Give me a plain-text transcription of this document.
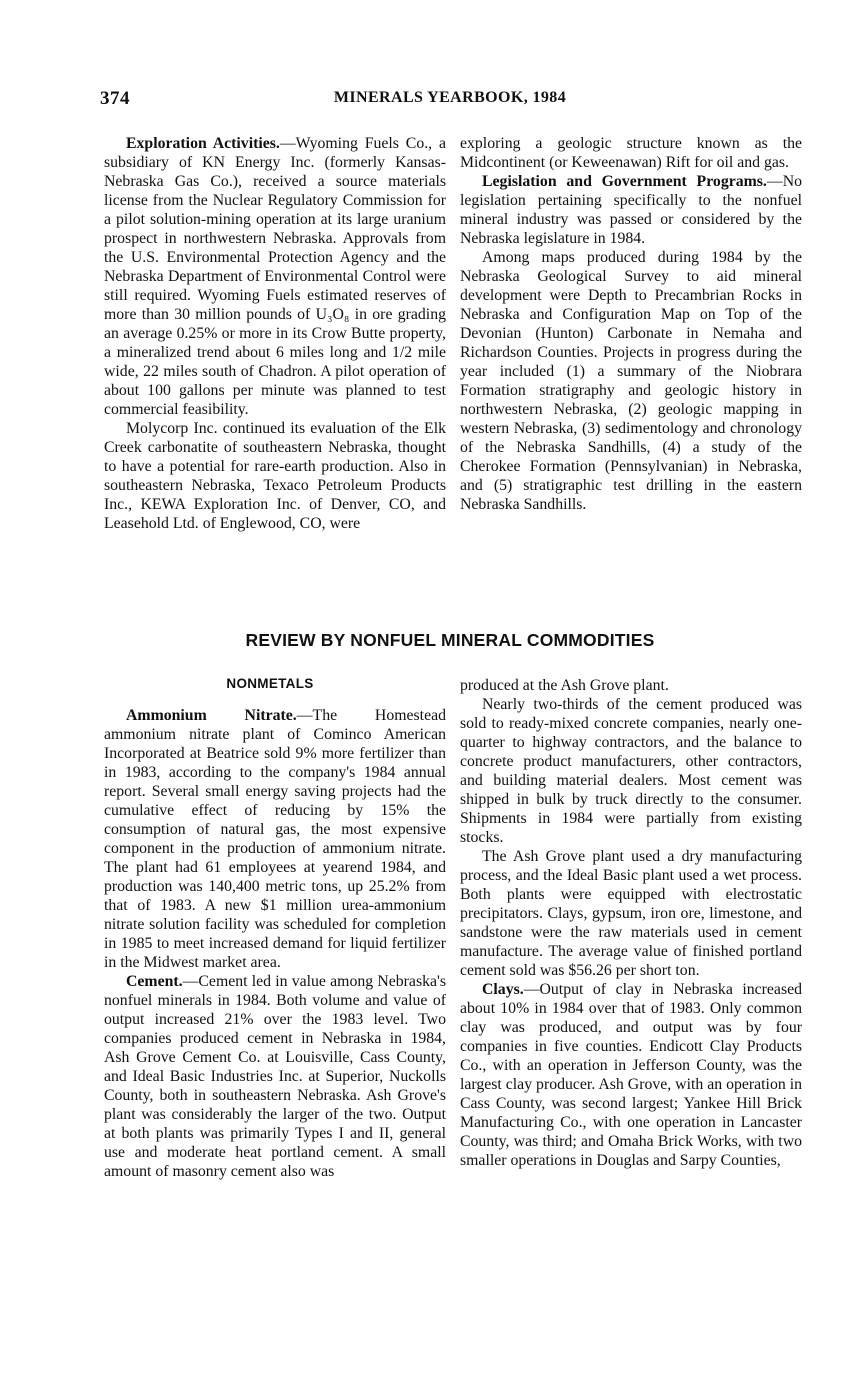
374	MINERALS YEARBOOK, 1984

Exploration Activities.—Wyoming Fuels Co., a subsidiary of KN Energy Inc. (formerly Kansas-Nebraska Gas Co.), received a source materials license from the Nuclear Regulatory Commission for a pilot solution-mining operation at its large uranium prospect in northwestern Nebraska. Approvals from the U.S. Environmental Protection Agency and the Nebraska Department of Environmental Control were still required. Wyoming Fuels estimated reserves of more than 30 million pounds of U₃O₈ in ore grading an average 0.25% or more in its Crow Butte property, a mineralized trend about 6 miles long and 1/2 mile wide, 22 miles south of Chadron. A pilot operation of about 100 gallons per minute was planned to test commercial feasibility.

Molycorp Inc. continued its evaluation of the Elk Creek carbonatite of southeastern Nebraska, thought to have a potential for rare-earth production. Also in southeastern Nebraska, Texaco Petroleum Products Inc., KEWA Exploration Inc. of Denver, CO, and Leasehold Ltd. of Englewood, CO, were

exploring a geologic structure known as the Midcontinent (or Keweenawan) Rift for oil and gas.

Legislation and Government Programs.—No legislation pertaining specifically to the nonfuel mineral industry was passed or considered by the Nebraska legislature in 1984.

Among maps produced during 1984 by the Nebraska Geological Survey to aid mineral development were Depth to Precambrian Rocks in Nebraska and Configuration Map on Top of the Devonian (Hunton) Carbonate in Nemaha and Richardson Counties. Projects in progress during the year included (1) a summary of the Niobrara Formation stratigraphy and geologic history in northwestern Nebraska, (2) geologic mapping in western Nebraska, (3) sedimentology and chronology of the Nebraska Sandhills, (4) a study of the Cherokee Formation (Pennsylvanian) in Nebraska, and (5) stratigraphic test drilling in the eastern Nebraska Sandhills.

REVIEW BY NONFUEL MINERAL COMMODITIES
NONMETALS

Ammonium Nitrate.—The Homestead ammonium nitrate plant of Cominco American Incorporated at Beatrice sold 9% more fertilizer than in 1983, according to the company's 1984 annual report. Several small energy saving projects had the cumulative effect of reducing by 15% the consumption of natural gas, the most expensive component in the production of ammonium nitrate. The plant had 61 employees at yearend 1984, and production was 140,400 metric tons, up 25.2% from that of 1983. A new $1 million urea-ammonium nitrate solution facility was scheduled for completion in 1985 to meet increased demand for liquid fertilizer in the Midwest market area.

Cement.—Cement led in value among Nebraska's nonfuel minerals in 1984. Both volume and value of output increased 21% over the 1983 level. Two companies produced cement in Nebraska in 1984, Ash Grove Cement Co. at Louisville, Cass County, and Ideal Basic Industries Inc. at Superior, Nuckolls County, both in southeastern Nebraska. Ash Grove's plant was considerably the larger of the two. Output at both plants was primarily Types I and II, general use and moderate heat portland cement. A small amount of masonry cement also was

produced at the Ash Grove plant.

Nearly two-thirds of the cement produced was sold to ready-mixed concrete companies, nearly one-quarter to highway contractors, and the balance to concrete product manufacturers, other contractors, and building material dealers. Most cement was shipped in bulk by truck directly to the consumer. Shipments in 1984 were partially from existing stocks.

The Ash Grove plant used a dry manufacturing process, and the Ideal Basic plant used a wet process. Both plants were equipped with electrostatic precipitators. Clays, gypsum, iron ore, limestone, and sandstone were the raw materials used in cement manufacture. The average value of finished portland cement sold was $56.26 per short ton.

Clays.—Output of clay in Nebraska increased about 10% in 1984 over that of 1983. Only common clay was produced, and output was by four companies in five counties. Endicott Clay Products Co., with an operation in Jefferson County, was the largest clay producer. Ash Grove, with an operation in Cass County, was second largest; Yankee Hill Brick Manufacturing Co., with one operation in Lancaster County, was third; and Omaha Brick Works, with two smaller operations in Douglas and Sarpy Counties,
